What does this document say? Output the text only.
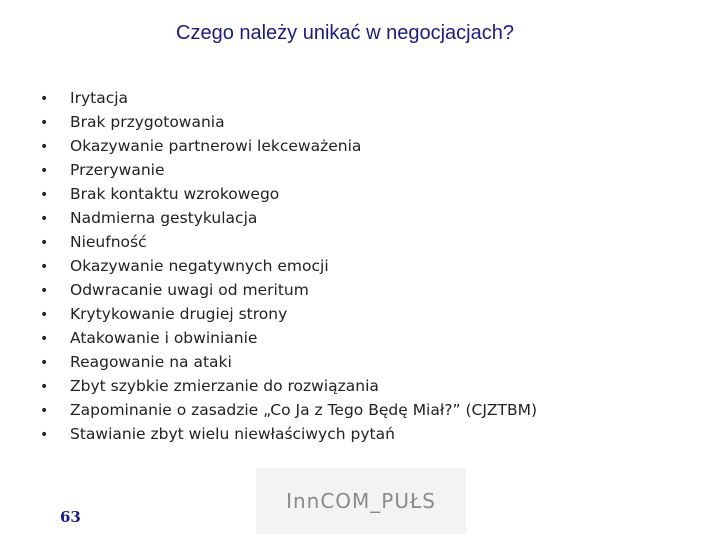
Czego należy unikać w negocjacjach?
•	Irytacja
•	Brak przygotowania
•	Okazywanie partnerowi lekceważenia
•	Przerywanie
•	Brak kontaktu wzrokowego
•	Nadmierna gestykulacja
•	Nieufność
•	Okazywanie negatywnych emocji
•	Odwracanie uwagi od meritum
•	Krytykowanie drugiej strony
•	Atakowanie i obwinianie
•	Reagowanie na ataki
•	Zbyt szybkie zmierzanie do rozwiązania
•	Zapominanie o zasadzie „Co Ja z Tego Będę Miał?” (CJZTBM)
•	Stawianie zbyt wielu niewłaściwych pytań
63
InnCOM_PUŁS
